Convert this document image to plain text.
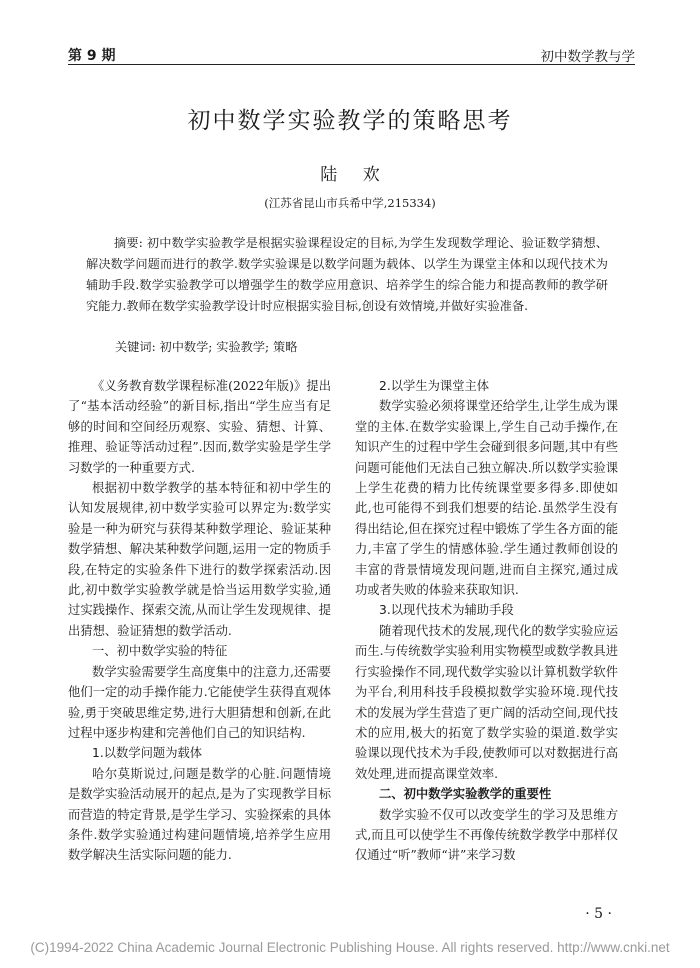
第 9 期	初中数学教与学
初中数学实验教学的策略思考
陆 欢
(江苏省昆山市兵希中学,215334)
摘要: 初中数学实验教学是根据实验课程设定的目标,为学生发现数学理论、验证数学猜想、解决数学问题而进行的教学.数学实验课是以数学问题为载体、以学生为课堂主体和以现代技术为辅助手段.数学实验教学可以增强学生的数学应用意识、培养学生的综合能力和提高教师的教学研究能力.教师在数学实验教学设计时应根据实验目标,创设有效情境,并做好实验准备.
关键词: 初中数学; 实验教学; 策略

《义务教育数学课程标准(2022年版)》提出了“基本活动经验”的新目标,指出“学生应当有足够的时间和空间经历观察、实验、猜想、计算、推理、验证等活动过程”.因而,数学实验是学生学习数学的一种重要方式.

根据初中数学教学的基本特征和初中学生的认知发展规律,初中数学实验可以界定为:数学实验是一种为研究与获得某种数学理论、验证某种数学猜想、解决某种数学问题,运用一定的物质手段,在特定的实验条件下进行的数学探索活动.因此,初中数学实验教学就是恰当运用数学实验,通过实践操作、探索交流,从而让学生发现规律、提出猜想、验证猜想的数学活动.

一、初中数学实验的特征

数学实验需要学生高度集中的注意力,还需要他们一定的动手操作能力.它能使学生获得直观体验,勇于突破思维定势,进行大胆猜想和创新,在此过程中逐步构建和完善他们自己的知识结构.

1.以数学问题为载体

哈尔莫斯说过,问题是数学的心脏.问题情境是数学实验活动展开的起点,是为了实现教学目标而营造的特定背景,是学生学习、实验探索的具体条件.数学实验通过构建问题情境,培养学生应用数学解决生活实际问题的能力.

2.以学生为课堂主体

数学实验必须将课堂还给学生,让学生成为课堂的主体.在数学实验课上,学生自己动手操作,在知识产生的过程中学生会碰到很多问题,其中有些问题可能他们无法自己独立解决.所以数学实验课上学生花费的精力比传统课堂要多得多.即使如此,也可能得不到我们想要的结论.虽然学生没有得出结论,但在探究过程中锻炼了学生各方面的能力,丰富了学生的情感体验.学生通过教师创设的丰富的背景情境发现问题,进而自主探究,通过成功或者失败的体验来获取知识.

3.以现代技术为辅助手段

随着现代技术的发展,现代化的数学实验应运而生.与传统数学实验利用实物模型或数学教具进行实验操作不同,现代数学实验以计算机数学软件为平台,利用科技手段模拟数学实验环境.现代技术的发展为学生营造了更广阔的活动空间,现代技术的应用,极大的拓宽了数学实验的渠道.数学实验课以现代技术为手段,使教师可以对数据进行高效处理,进而提高课堂效率.

二、初中数学实验教学的重要性

数学实验不仅可以改变学生的学习及思维方式,而且可以使学生不再像传统数学教学中那样仅仅通过“听”教师“讲”来学习数

· 5 ·
(C)1994-2022 China Academic Journal Electronic Publishing House. All rights reserved. http://www.cnki.net
